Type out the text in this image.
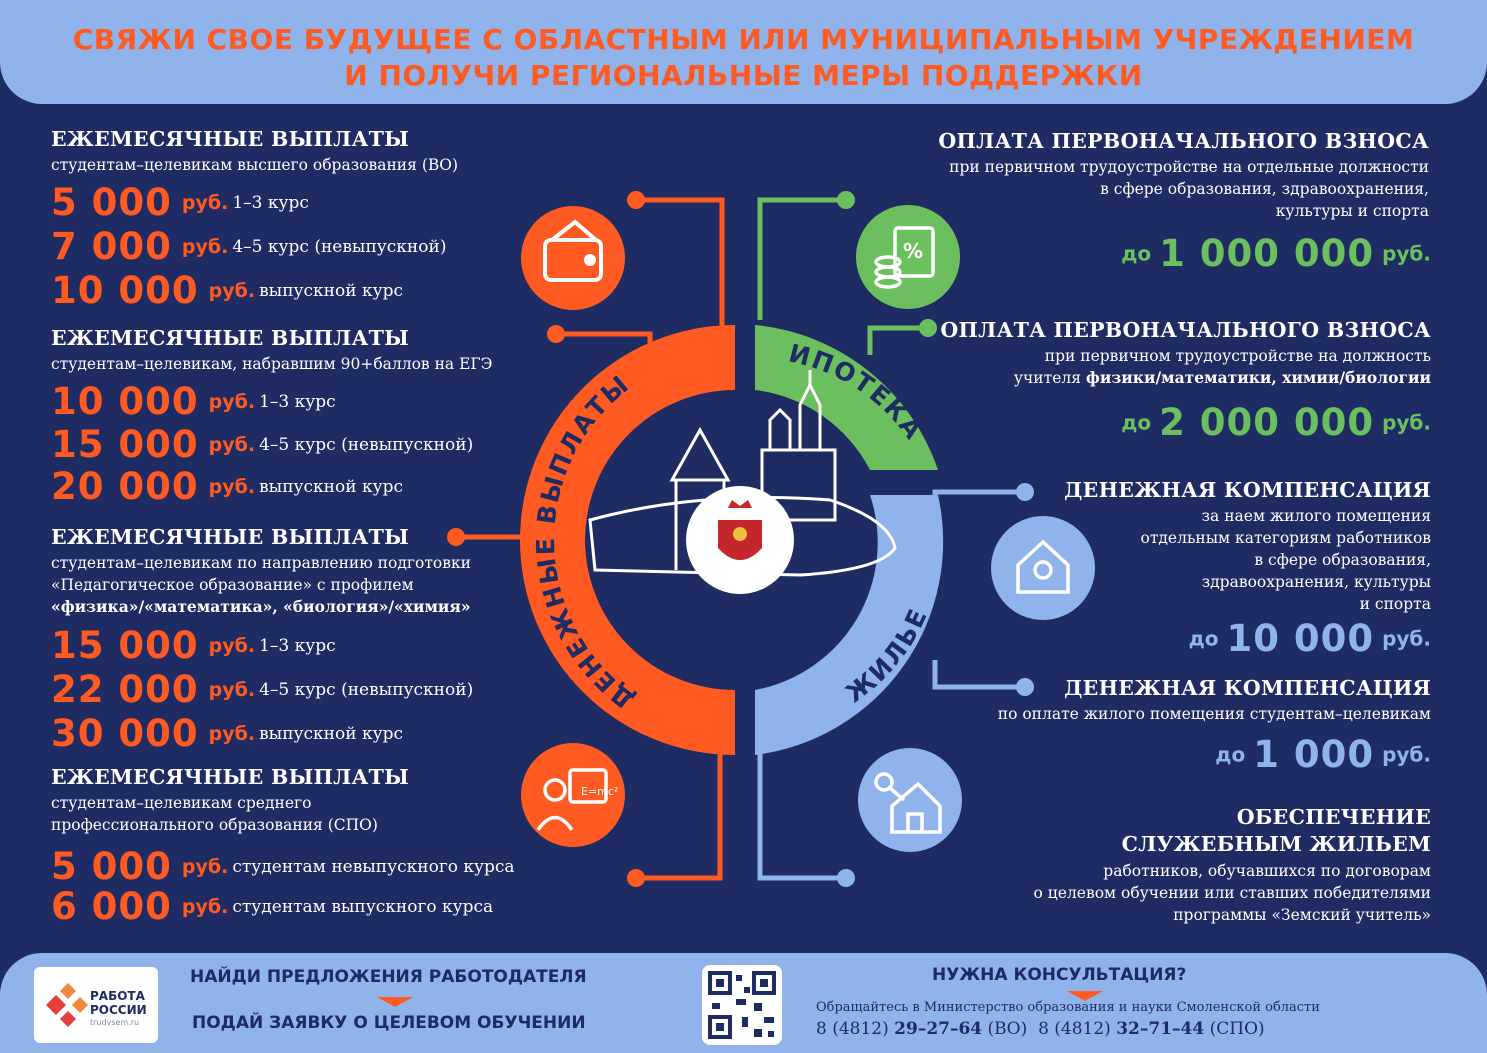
СВЯЖИ СВОЕ БУДУЩЕЕ С ОБЛАСТНЫМ ИЛИ МУНИЦИПАЛЬНЫМ УЧРЕЖДЕНИЕМ
И ПОЛУЧИ РЕГИОНАЛЬНЫЕ МЕРЫ ПОДДЕРЖКИ
ДЕНЕЖНЫЕ ВЫПЛАТЫ
ИПОТЕКА
ЖИЛЬЕ
E=mc²
%
ЕЖЕМЕСЯЧНЫЕ ВЫПЛАТЫ
студентам–целевикам высшего образования (ВО)
5 000 руб. 1–3 курс
7 000 руб. 4–5 курс (невыпускной)
10 000 руб. выпускной курс
ЕЖЕМЕСЯЧНЫЕ ВЫПЛАТЫ
студентам–целевикам, набравшим 90+баллов на ЕГЭ
10 000 руб. 1–3 курс
15 000 руб. 4–5 курс (невыпускной)
20 000 руб. выпускной курс
ЕЖЕМЕСЯЧНЫЕ ВЫПЛАТЫ
студентам–целевикам по направлению подготовки
«Педагогическое образование» с профилем
«физика»/«математика», «биология»/«химия»
15 000 руб. 1–3 курс
22 000 руб. 4–5 курс (невыпускной)
30 000 руб. выпускной курс
ЕЖЕМЕСЯЧНЫЕ ВЫПЛАТЫ
студентам–целевикам среднего
профессионального образования (СПО)
5 000 руб. студентам невыпускного курса
6 000 руб. студентам выпускного курса
ОПЛАТА ПЕРВОНАЧАЛЬНОГО ВЗНОСА
при первичном трудоустройстве на отдельные должности
в сфере образования, здравоохранения,
культуры и спорта
до 1 000 000 руб.
ОПЛАТА ПЕРВОНАЧАЛЬНОГО ВЗНОСА
при первичном трудоустройстве на должность
учителя физики/математики, химии/биологии
до 2 000 000 руб.
ДЕНЕЖНАЯ КОМПЕНСАЦИЯ
за наем жилого помещения
отдельным категориям работников
в сфере образования,
здравоохранения, культуры
и спорта
до 10 000 руб.
ДЕНЕЖНАЯ КОМПЕНСАЦИЯ
по оплате жилого помещения студентам–целевикам
до 1 000 руб.
ОБЕСПЕЧЕНИЕ
СЛУЖЕБНЫМ ЖИЛЬЕМ
работников, обучавшихся по договорам
о целевом обучении или ставших победителями
программы «Земский учитель»
РАБОТА
РОССИИ
trudvsem.ru
НАЙДИ ПРЕДЛОЖЕНИЯ РАБОТОДАТЕЛЯ
ПОДАЙ ЗАЯВКУ О ЦЕЛЕВОМ ОБУЧЕНИИ
НУЖНА КОНСУЛЬТАЦИЯ?
Обращайтесь в Министерство образования и науки Смоленской области
8 (4812) 29–27–64 (ВО) 8 (4812) 32–71–44 (СПО)
